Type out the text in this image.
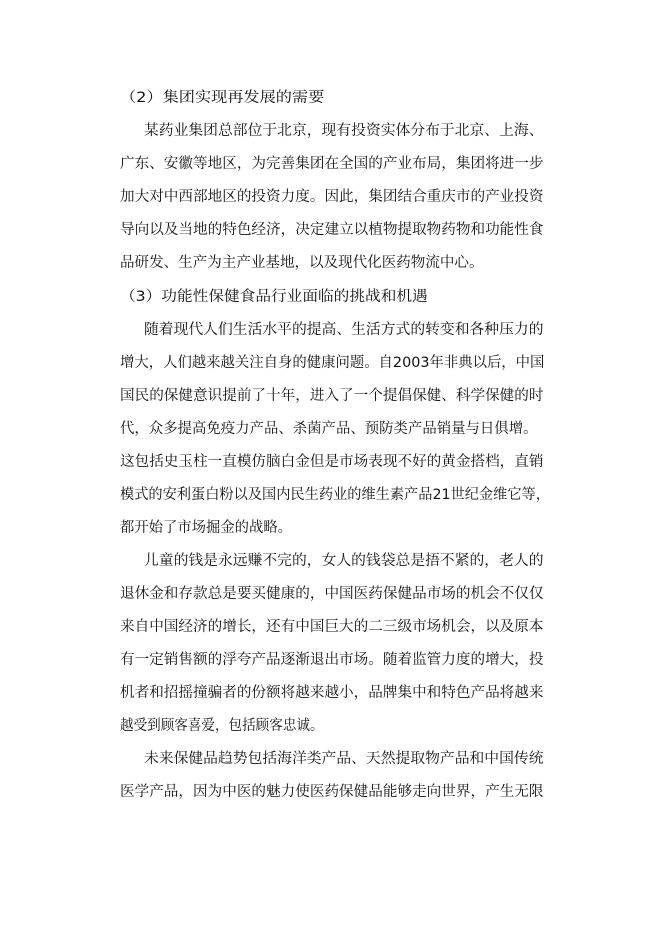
（2）集团实现再发展的需要

某药业集团总部位于北京，现有投资实体分布于北京、上海、

广东、安徽等地区，为完善集团在全国的产业布局，集团将进一步

加大对中西部地区的投资力度。因此，集团结合重庆市的产业投资

导向以及当地的特色经济，决定建立以植物提取物药物和功能性食

品研发、生产为主产业基地，以及现代化医药物流中心。

（3）功能性保健食品行业面临的挑战和机遇

随着现代人们生活水平的提高、生活方式的转变和各种压力的

增大，人们越来越关注自身的健康问题。自2003年非典以后，中国

国民的保健意识提前了十年，进入了一个提倡保健、科学保健的时

代，众多提高免疫力产品、杀菌产品、预防类产品销量与日俱增。

这包括史玉柱一直模仿脑白金但是市场表现不好的黄金搭档，直销

模式的安利蛋白粉以及国内民生药业的维生素产品21世纪金维它等，

都开始了市场掘金的战略。

儿童的钱是永远赚不完的，女人的钱袋总是捂不紧的，老人的

退休金和存款总是要买健康的，中国医药保健品市场的机会不仅仅

来自中国经济的增长，还有中国巨大的二三级市场机会，以及原本

有一定销售额的浮夸产品逐渐退出市场。随着监管力度的增大，投

机者和招摇撞骗者的份额将越来越小，品牌集中和特色产品将越来

越受到顾客喜爱，包括顾客忠诚。

未来保健品趋势包括海洋类产品、天然提取物产品和中国传统

医学产品，因为中医的魅力使医药保健品能够走向世界，产生无限
